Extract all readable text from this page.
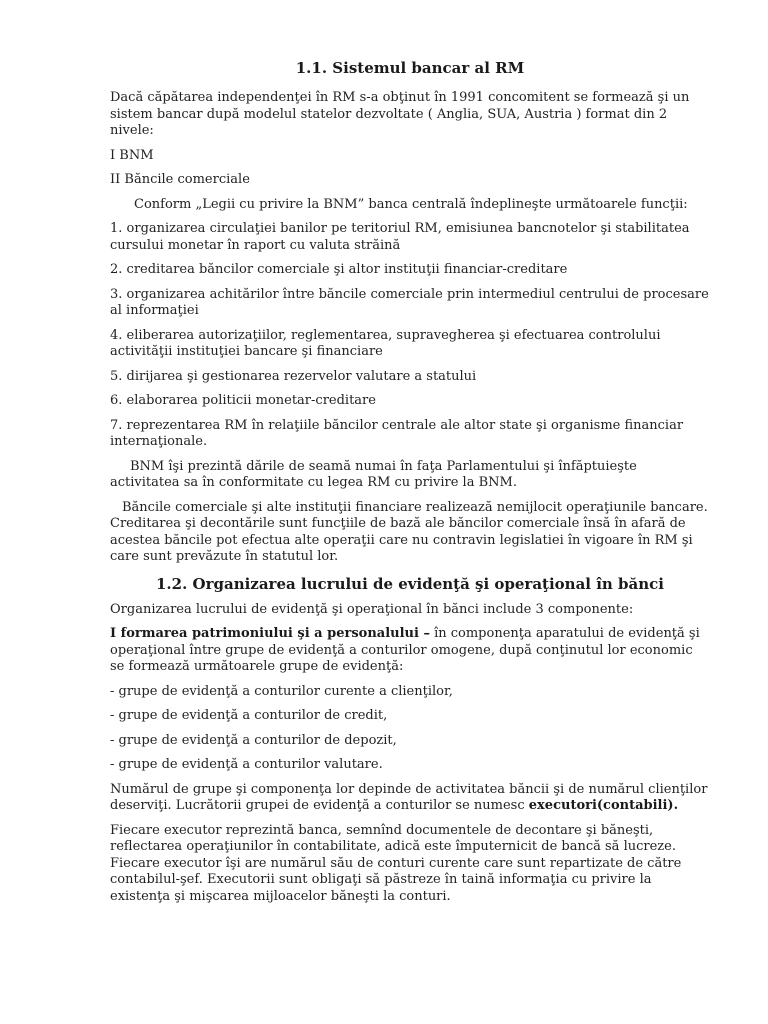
1.1. Sistemul bancar al RM

Dacă căpătarea independenţei în RM s-a obţinut în 1991 concomitent se formează şi un sistem bancar după modelul statelor dezvoltate ( Anglia, SUA, Austria ) format din 2 nivele:

I BNM

II Băncile comerciale

Conform „Legii cu privire la BNM” banca centrală îndeplineşte următoarele funcţii:

1. organizarea circulaţiei banilor pe teritoriul RM, emisiunea bancnotelor şi stabilitatea cursului monetar în raport cu valuta străină

2. creditarea băncilor comerciale şi altor instituţii financiar-creditare

3. organizarea achitărilor între băncile comerciale prin intermediul centrului de procesare al informaţiei

4. eliberarea autorizaţiilor, reglementarea, supravegherea şi efectuarea controlului activităţii instituţiei bancare şi financiare

5. dirijarea şi gestionarea rezervelor valutare a statului

6. elaborarea politicii monetar-creditare

7. reprezentarea RM în relaţiile băncilor centrale ale altor state şi organisme financiar internaţionale.

BNM îşi prezintă dările de seamă numai în faţa Parlamentului şi înfăptuieşte activitatea sa în conformitate cu legea RM cu privire la BNM.

Băncile comerciale şi alte instituţii financiare realizează nemijlocit operaţiunile bancare. Creditarea şi decontările sunt funcţiile de bază ale băncilor comerciale însă în afară de acestea băncile pot efectua alte operaţii care nu contravin legislatiei în vigoare în RM şi care sunt prevăzute în statutul lor.

1.2. Organizarea lucrului de evidenţă şi operaţional în bănci

Organizarea lucrului de evidenţă şi operaţional în bănci include 3 componente:

I formarea patrimoniului şi a personalului – în componenţa aparatului de evidenţă şi operaţional între grupe de evidenţă a conturilor omogene, după conţinutul lor economic se formează următoarele grupe de evidenţă:

- grupe de evidenţă a conturilor curente a clienţilor,

- grupe de evidenţă a conturilor de credit,

- grupe de evidenţă a conturilor de depozit,

- grupe de evidenţă a conturilor valutare.

Numărul de grupe şi componenţa lor depinde de activitatea băncii şi de numărul clienţilor deserviţi. Lucrătorii grupei de evidenţă a conturilor se numesc executori(contabili).

Fiecare executor reprezintă banca, semnînd documentele de decontare şi băneşti, reflectarea operaţiunilor în contabilitate, adică este împuternicit de bancă să lucreze. Fiecare executor îşi are numărul său de conturi curente care sunt repartizate de către contabilul-şef. Executorii sunt obligaţi să păstreze în taină informaţia cu privire la existenţa şi mişcarea mijloacelor băneşti la conturi.
